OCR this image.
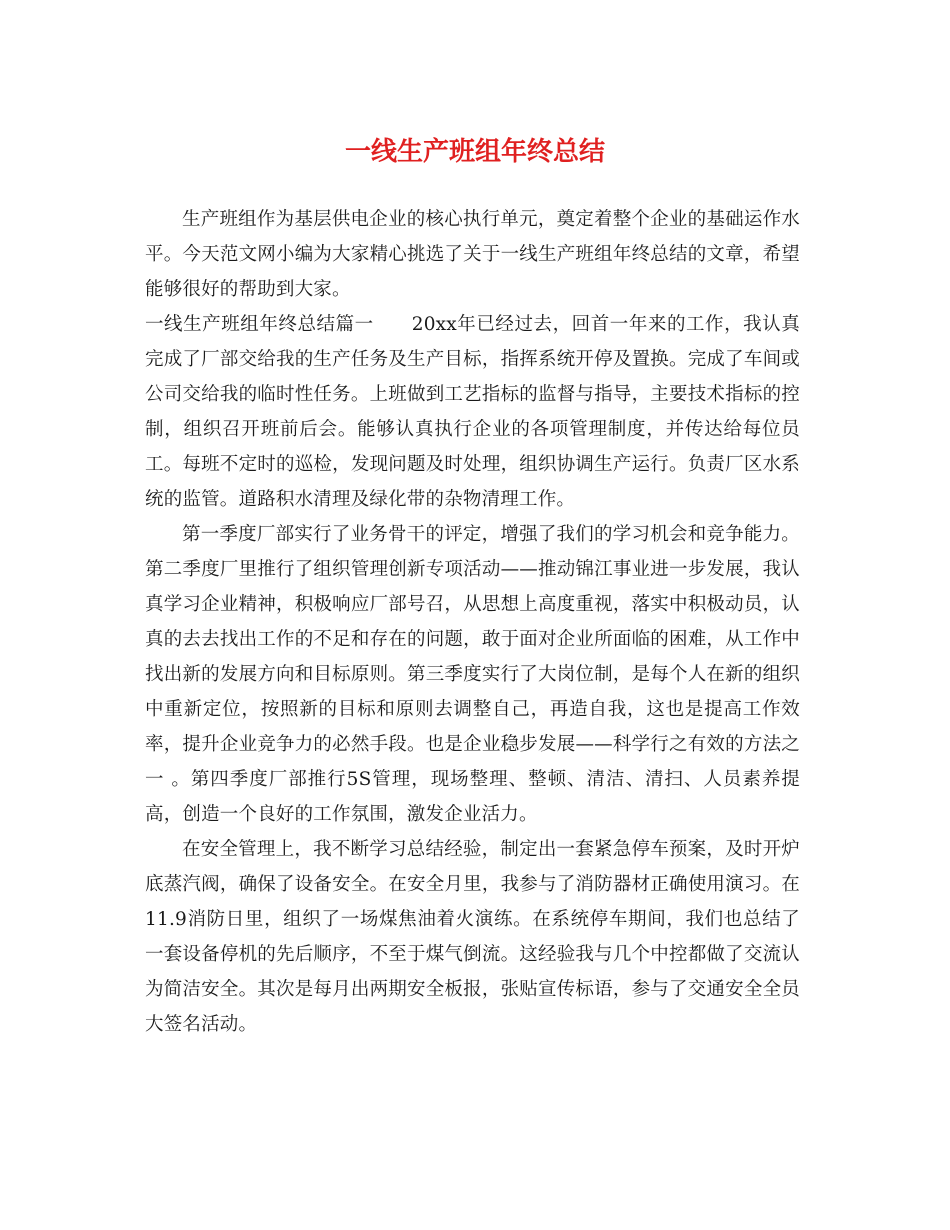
一线生产班组年终总结

生产班组作为基层供电企业的核心执行单元，奠定着整个企业的基础运作水平。今天范文网小编为大家精心挑选了关于一线生产班组年终总结的文章，希望能够很好的帮助到大家。

一线生产班组年终总结篇一 20xx年已经过去，回首一年来的工作，我认真完成了厂部交给我的生产任务及生产目标，指挥系统开停及置换。完成了车间或公司交给我的临时性任务。上班做到工艺指标的监督与指导，主要技术指标的控制，组织召开班前后会。能够认真执行企业的各项管理制度，并传达给每位员工。每班不定时的巡检，发现问题及时处理，组织协调生产运行。负责厂区水系统的监管。道路积水清理及绿化带的杂物清理工作。

第一季度厂部实行了业务骨干的评定，增强了我们的学习机会和竞争能力。第二季度厂里推行了组织管理创新专项活动——推动锦江事业进一步发展，我认真学习企业精神，积极响应厂部号召，从思想上高度重视，落实中积极动员，认真的去去找出工作的不足和存在的问题，敢于面对企业所面临的困难，从工作中找出新的发展方向和目标原则。第三季度实行了大岗位制，是每个人在新的组织中重新定位，按照新的目标和原则去调整自己，再造自我，这也是提高工作效率，提升企业竞争力的必然手段。也是企业稳步发展——科学行之有效的方法之 一 。第四季度厂部推行5S管理，现场整理、整顿、清洁、清扫、人员素养提高，创造一个良好的工作氛围，激发企业活力。

在安全管理上，我不断学习总结经验，制定出一套紧急停车预案，及时开炉底蒸汽阀，确保了设备安全。在安全月里，我参与了消防器材正确使用演习。在11.9消防日里，组织了一场煤焦油着火演练。在系统停车期间，我们也总结了一套设备停机的先后顺序，不至于煤气倒流。这经验我与几个中控都做了交流认为简洁安全。其次是每月出两期安全板报，张贴宣传标语，参与了交通安全全员大签名活动。
